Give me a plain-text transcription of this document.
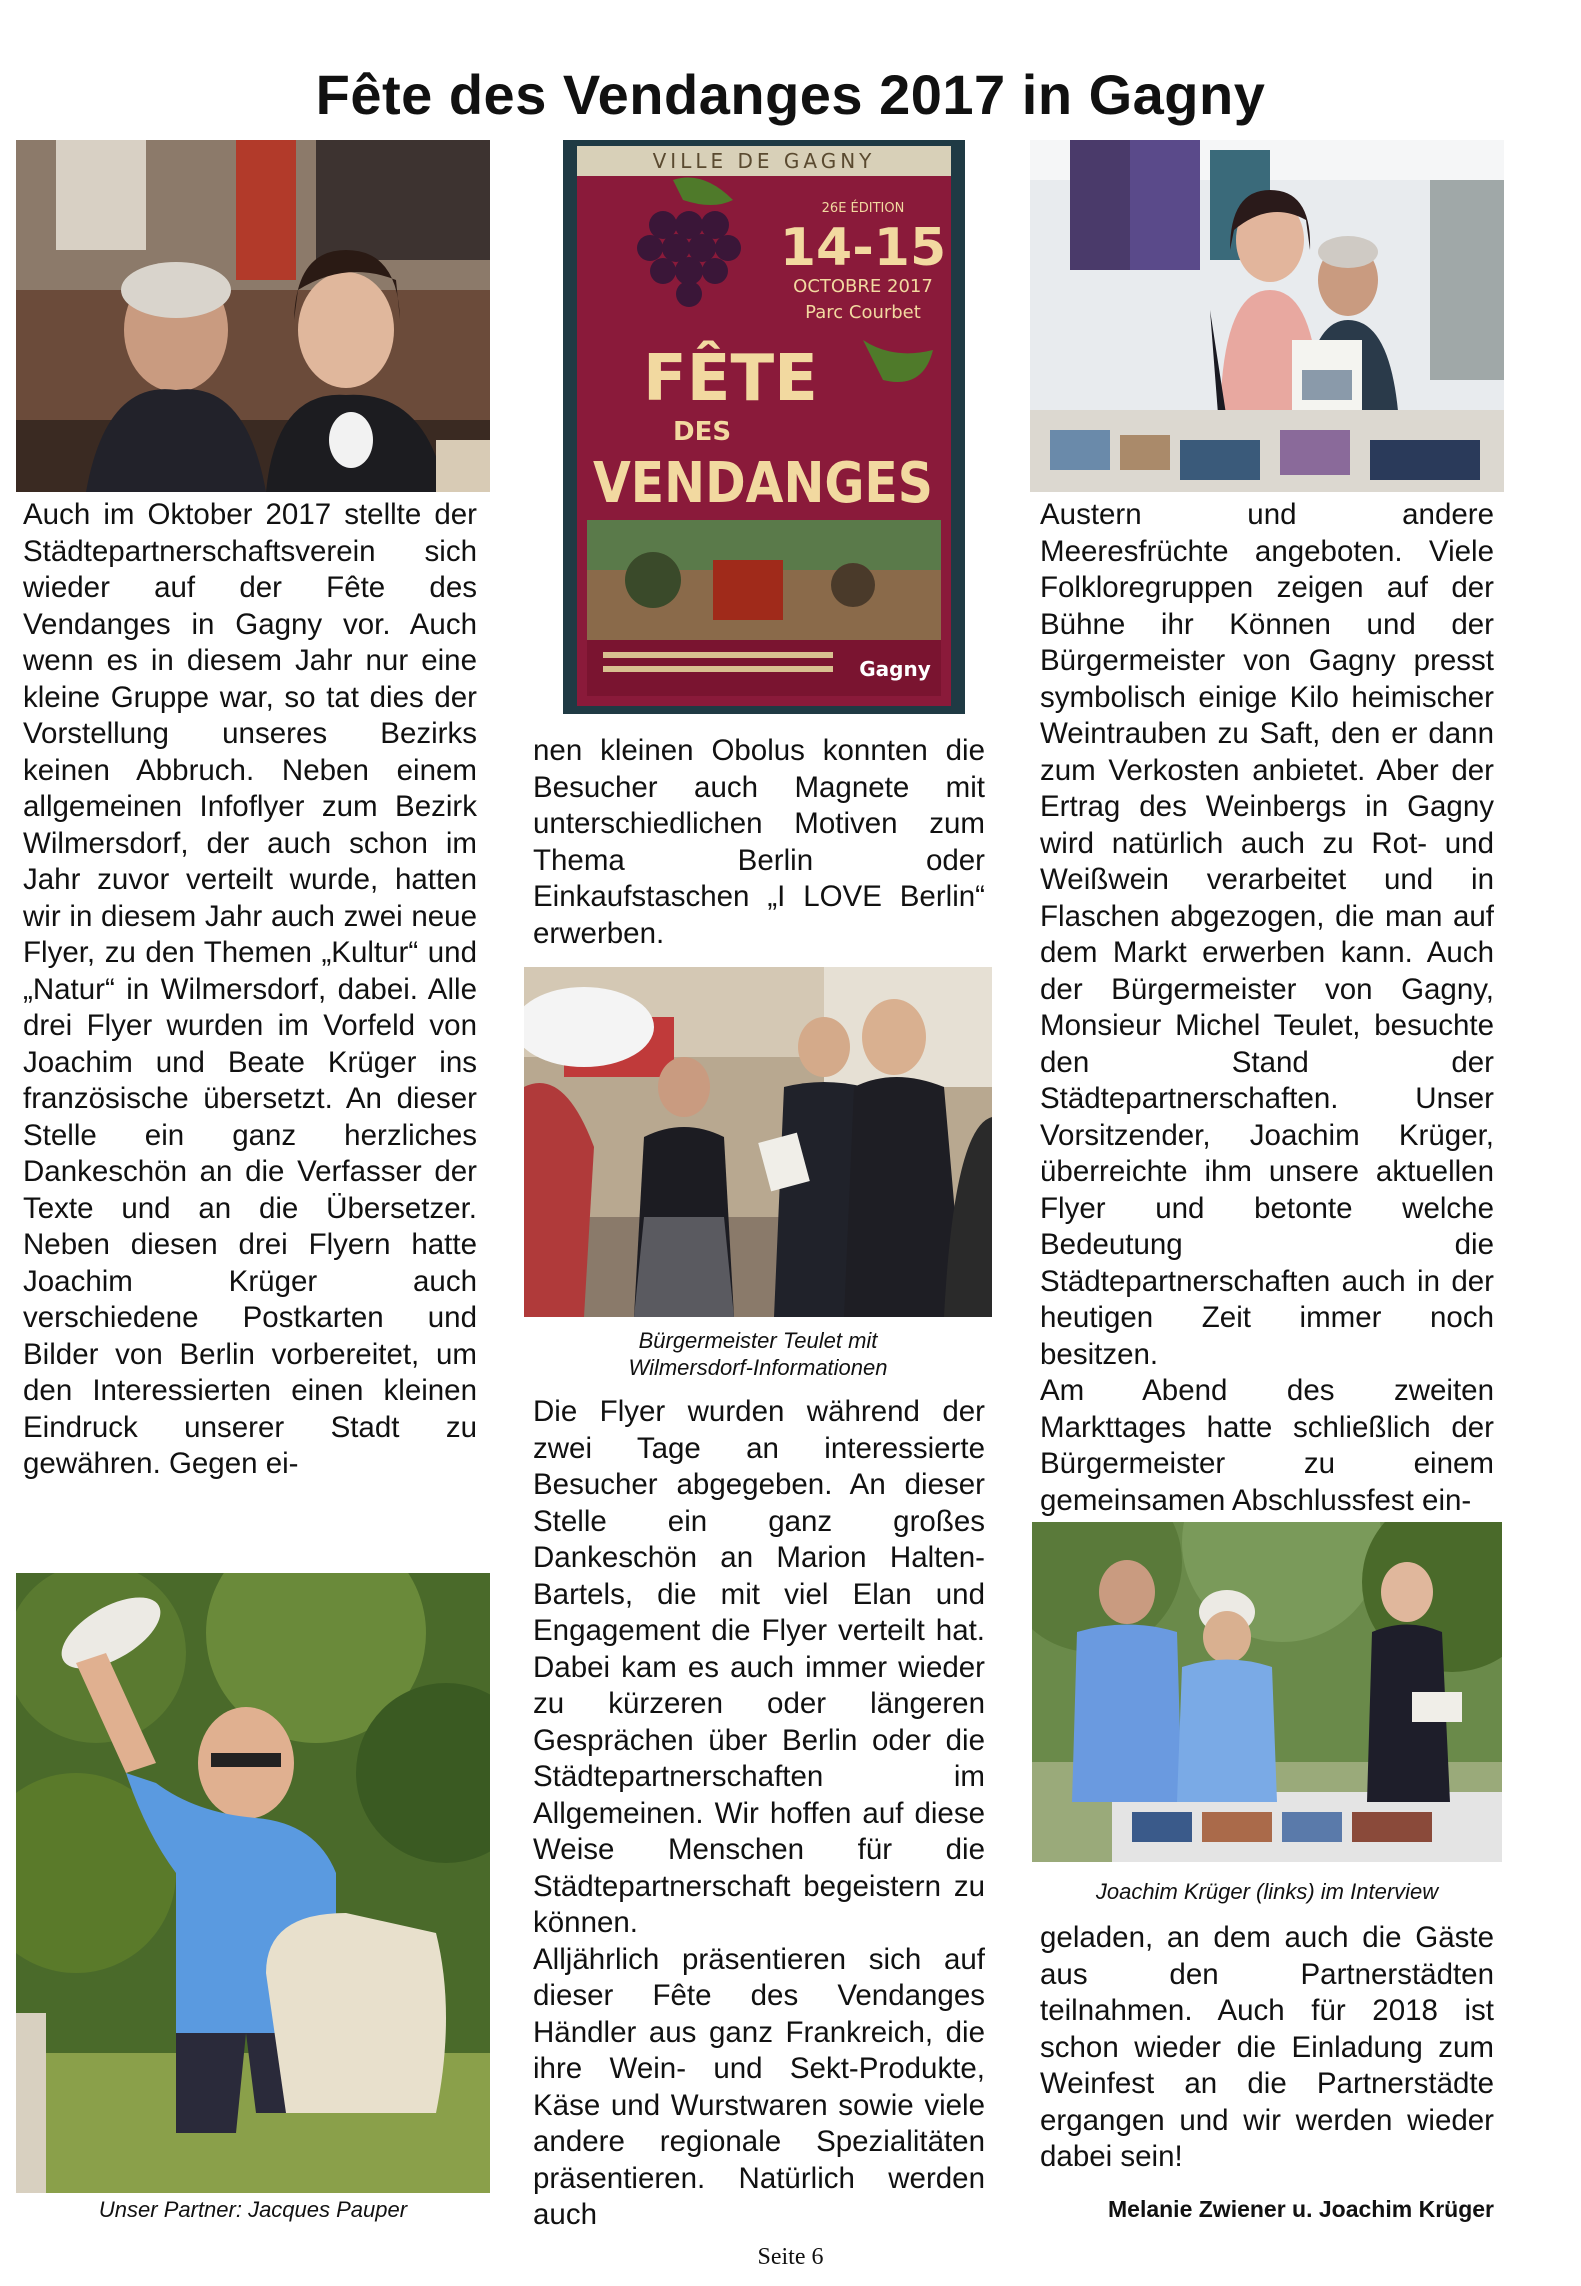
Fête des Vendanges 2017 in Gagny
VILLE DE GAGNY
26E ÉDITION
14-15
OCTOBRE 2017
Parc Courbet
FÊTE
DES
VENDANGES
Gagny

Auch im Oktober 2017 stellte der Städtepartnerschaftsverein sich wieder auf der Fête des Vendanges in Gagny vor. Auch wenn es in diesem Jahr nur eine kleine Gruppe war, so tat dies der Vorstellung unseres Bezirks keinen Abbruch. Neben einem allgemeinen Infoflyer zum Bezirk Wilmersdorf, der auch schon im Jahr zuvor verteilt wurde, hatten wir in diesem Jahr auch zwei neue Flyer, zu den Themen „Kultur“ und „Natur“ in Wilmersdorf, dabei. Alle drei Flyer wurden im Vorfeld von Joachim und Beate Krüger ins französische übersetzt. An dieser Stelle ein ganz herzliches Dankeschön an die Verfasser der Texte und an die Übersetzer. Neben diesen drei Flyern hatte Joachim Krüger auch verschiedene Postkarten und Bilder von Berlin vorbereitet, um den Interessierten einen kleinen Eindruck unserer Stadt zu gewähren. Gegen ei-

nen kleinen Obolus konnten die Besucher auch Magnete mit unterschiedlichen Motiven zum Thema Berlin oder Einkaufstaschen „I LOVE Berlin“ erwerben.

Bürgermeister Teulet mit
Wilmersdorf-Informationen

Die Flyer wurden während der zwei Tage an interessierte Besucher abgegeben. An dieser Stelle ein ganz großes Dankeschön an Marion Halten-Bartels, die mit viel Elan und Engagement die Flyer verteilt hat. Dabei kam es auch immer wieder zu kürzeren oder längeren Gesprächen über Berlin oder die Städtepartnerschaften im Allgemeinen. Wir hoffen auf diese Weise Menschen für die Städtepartnerschaft begeistern zu können.

Alljährlich präsentieren sich auf dieser Fête des Vendanges Händler aus ganz Frankreich, die ihre Wein- und Sekt-Produkte, Käse und Wurstwaren sowie viele andere regionale Spezialitäten präsentieren. Natürlich werden auch

Unser Partner: Jacques Pauper

Austern und andere Meeresfrüchte angeboten. Viele Folkloregruppen zeigen auf der Bühne ihr Können und der Bürgermeister von Gagny presst symbolisch einige Kilo heimischer Weintrauben zu Saft, den er dann zum Verkosten anbietet. Aber der Ertrag des Weinbergs in Gagny wird natürlich auch zu Rot- und Weißwein verarbeitet und in Flaschen abgezogen, die man auf dem Markt erwerben kann. Auch der Bürgermeister von Gagny, Monsieur Michel Teulet, besuchte den Stand der Städtepartnerschaften. Unser Vorsitzender, Joachim Krüger, überreichte ihm unsere aktuellen Flyer und betonte welche Bedeutung die Städtepartnerschaften auch in der heutigen Zeit immer noch besitzen.

Am Abend des zweiten Markttages hatte schließlich der Bürgermeister zu einem gemeinsamen Abschlussfest ein-

Joachim Krüger (links) im Interview

geladen, an dem auch die Gäste aus den Partnerstädten teilnahmen. Auch für 2018 ist schon wieder die Einladung zum Weinfest an die Partnerstädte ergangen und wir werden wieder dabei sein!

Melanie Zwiener u. Joachim Krüger
Seite 6
